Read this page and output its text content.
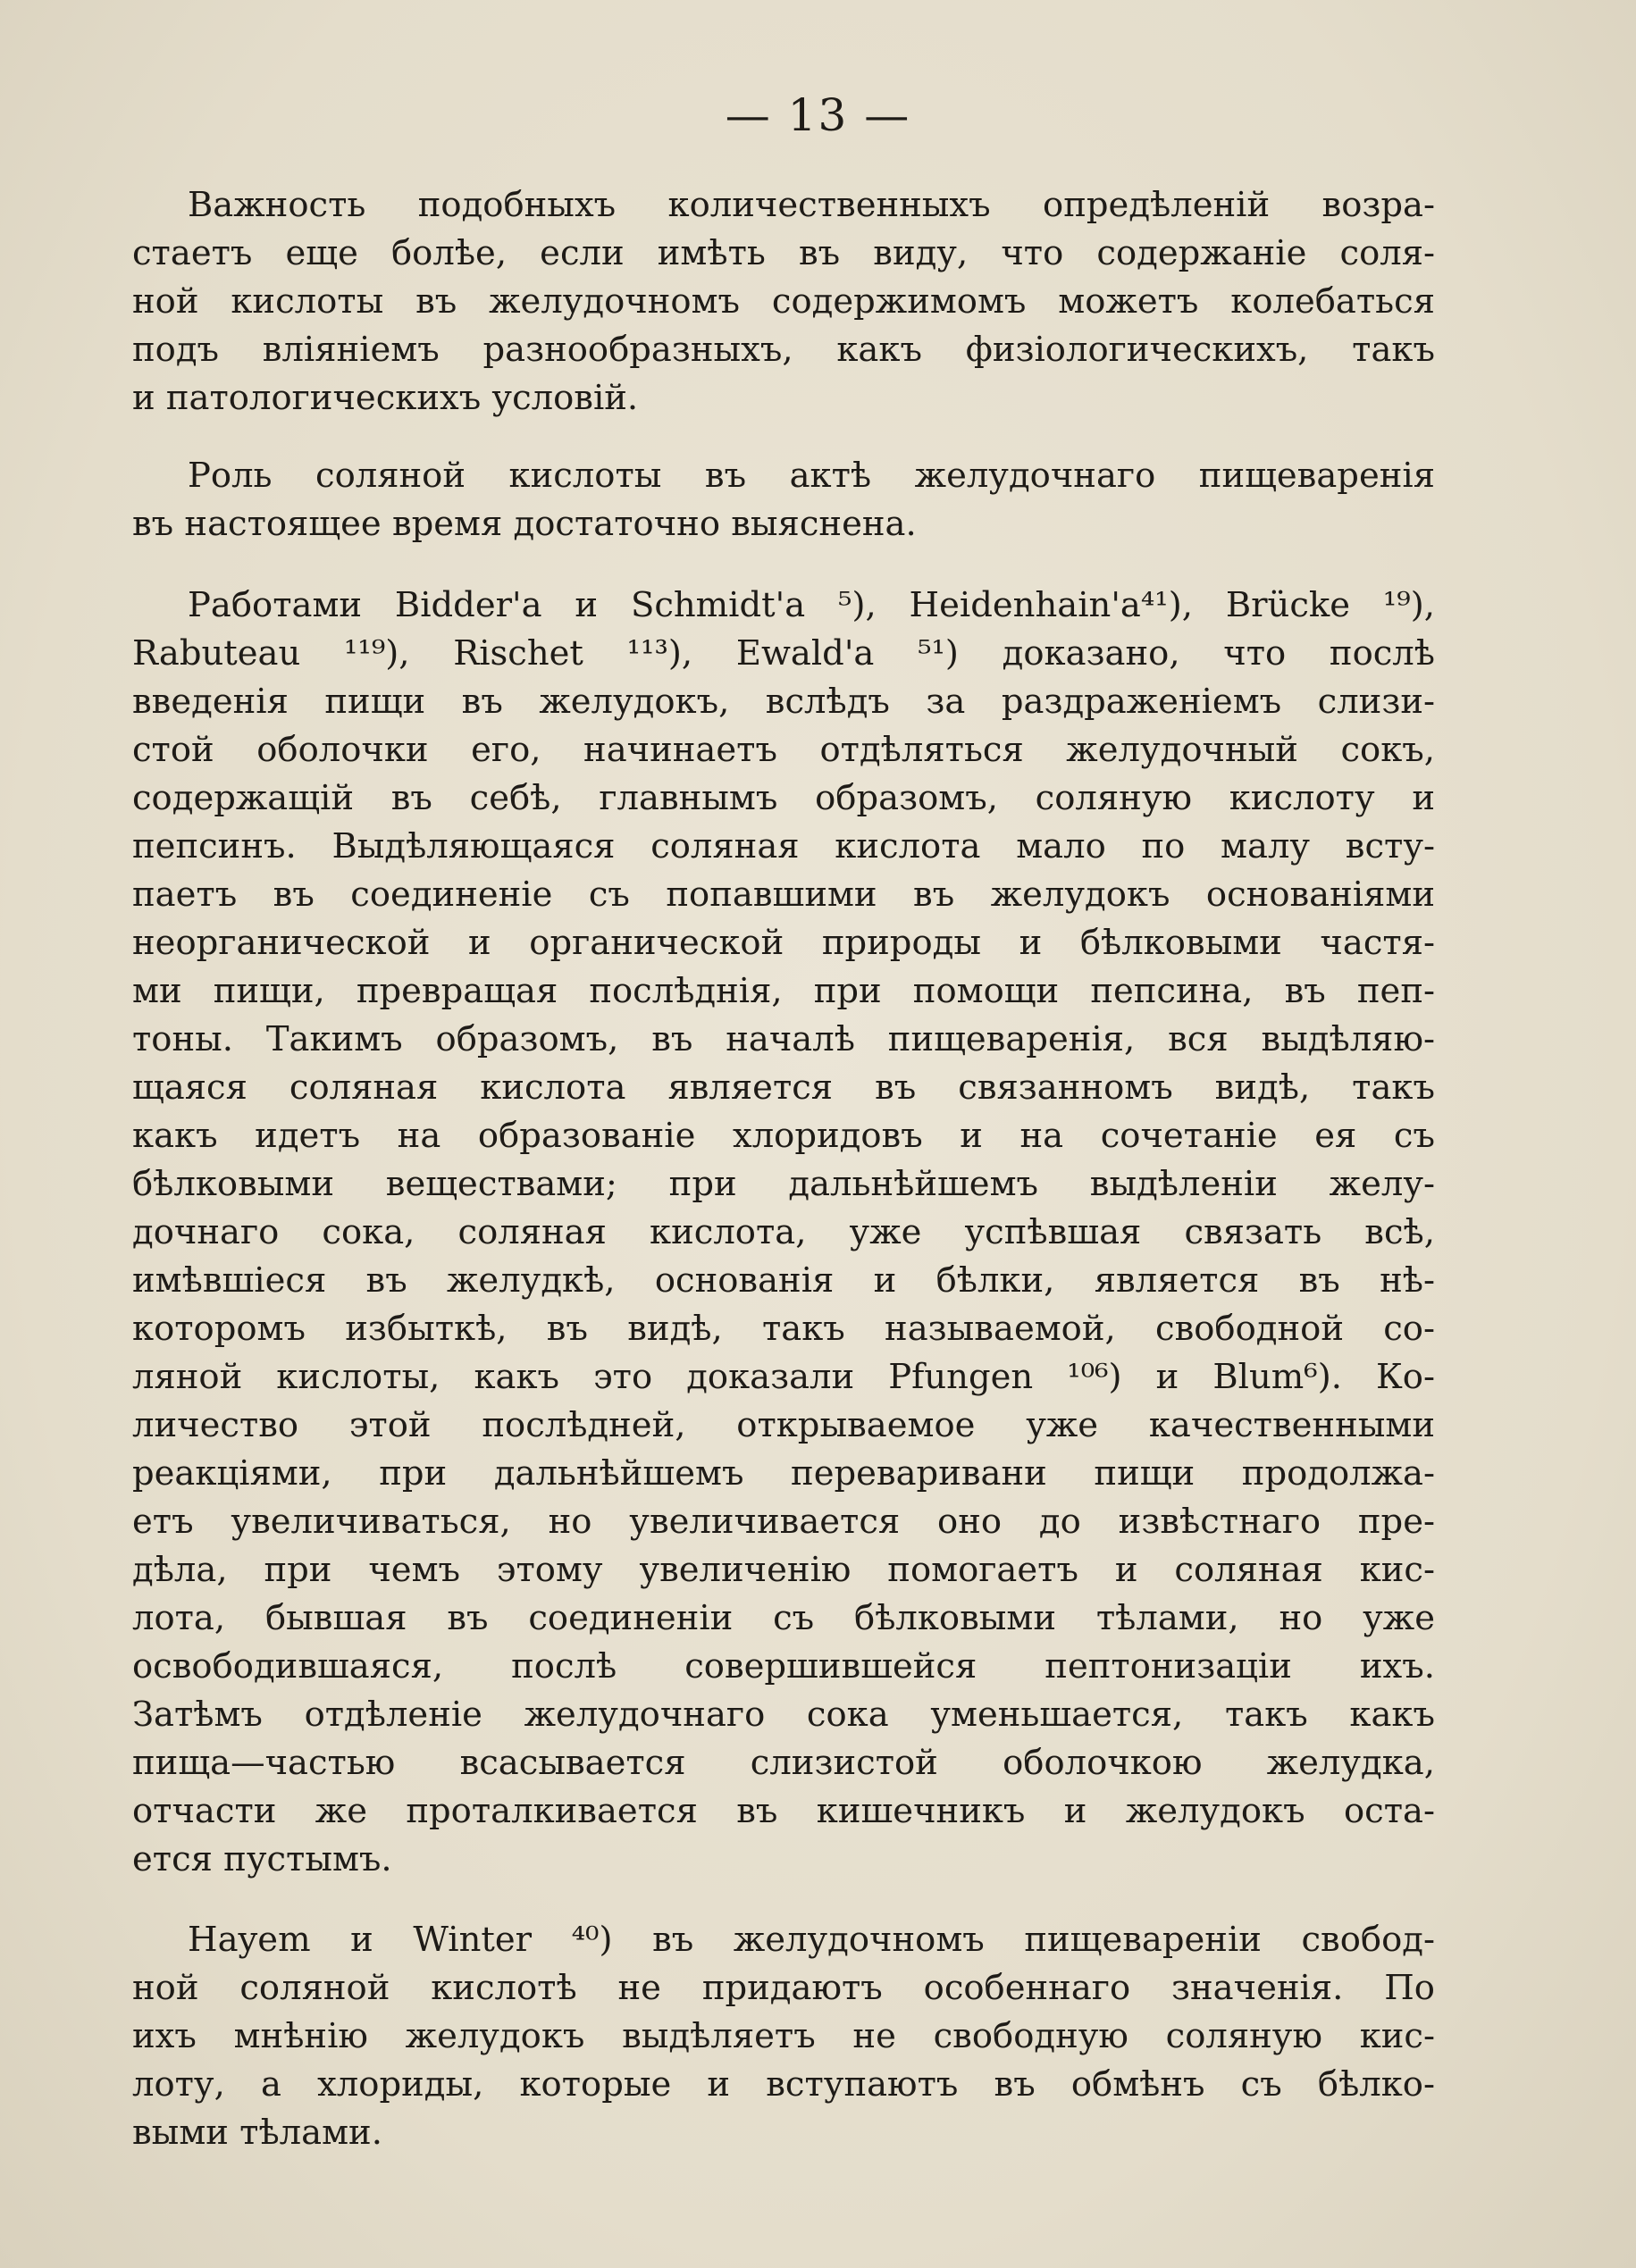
— 13 —
Важность подобныхъ количественныхъ опредѣленій возра-
стаетъ еще болѣе, если имѣть въ виду, что содержаніе соля-
ной кислоты въ желудочномъ содержимомъ можетъ колебаться
подъ вліяніемъ разнообразныхъ, какъ физіологическихъ, такъ
и патологическихъ условій.
Роль соляной кислоты въ актѣ желудочнаго пищеваренія
въ настоящее время достаточно выяснена.
Работами Bidder'a и Schmidt'a ⁵), Heidenhain'a⁴¹), Brücke ¹⁹),
Rabuteau ¹¹⁹), Rischet ¹¹³), Ewald'a ⁵¹) доказано, что послѣ
введенія пищи въ желудокъ, вслѣдъ за раздраженіемъ слизи-
стой оболочки его, начинаетъ отдѣляться желудочный сокъ,
содержащій въ себѣ, главнымъ образомъ, соляную кислоту и
пепсинъ. Выдѣляющаяся соляная кислота мало по малу всту-
паетъ въ соединеніе съ попавшими въ желудокъ основаніями
неорганической и органической природы и бѣлковыми частя-
ми пищи, превращая послѣднія, при помощи пепсина, въ пеп-
тоны. Такимъ образомъ, въ началѣ пищеваренія, вся выдѣляю-
щаяся соляная кислота является въ связанномъ видѣ, такъ
какъ идетъ на образованіе хлоридовъ и на сочетаніе ея съ
бѣлковыми веществами; при дальнѣйшемъ выдѣленіи желу-
дочнаго сока, соляная кислота, уже успѣвшая связать всѣ,
имѣвшіеся въ желудкѣ, основанія и бѣлки, является въ нѣ-
которомъ избыткѣ, въ видѣ, такъ называемой, свободной со-
ляной кислоты, какъ это доказали Pfungen ¹⁰⁶) и Blum⁶). Ко-
личество этой послѣдней, открываемое уже качественными
реакціями, при дальнѣйшемъ переваривани пищи продолжа-
етъ увеличиваться, но увеличивается оно до извѣстнаго пре-
дѣла, при чемъ этому увеличенію помогаетъ и соляная кис-
лота, бывшая въ соединеніи съ бѣлковыми тѣлами, но уже
освободившаяся, послѣ совершившейся пептонизаціи ихъ.
Затѣмъ отдѣленіе желудочнаго сока уменьшается, такъ какъ
пища—частью всасывается слизистой оболочкою желудка,
отчасти же проталкивается въ кишечникъ и желудокъ оста-
ется пустымъ.
Hayem и Winter ⁴⁰) въ желудочномъ пищевареніи свобод-
ной соляной кислотѣ не придаютъ особеннаго значенія. По
ихъ мнѣнію желудокъ выдѣляетъ не свободную соляную кис-
лоту, а хлориды, которые и вступаютъ въ обмѣнъ съ бѣлко-
выми тѣлами.
